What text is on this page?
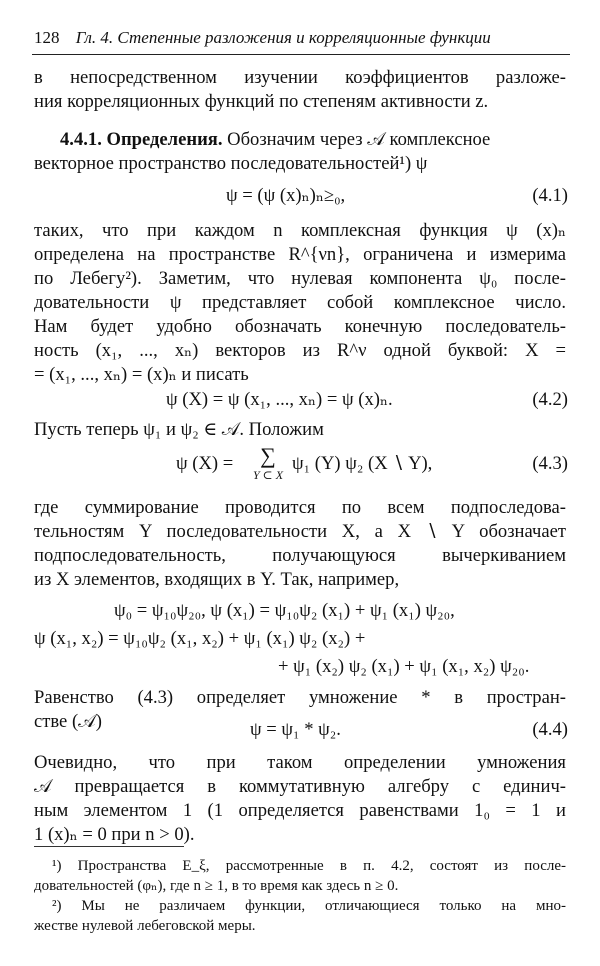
128 Гл. 4. Степенные разложения и корреляционные функции
в непосредственном изучении коэффициентов разложе-
ния корреляционных функций по степеням активности z.
4.4.1. Определения. Обозначим через 𝒜 комплексное
векторное пространство последовательностей¹) ψ
ψ = (ψ (x)ₙ)ₙ≥₀,	(4.1)
таких, что при каждом n комплексная функция ψ (x)ₙ
определена на пространстве R^{νn}, ограничена и измерима
по Лебегу²). Заметим, что нулевая компонента ψ₀ после-
довательности ψ представляет собой комплексное число.
Нам будет удобно обозначать конечную последователь-
ность (x₁, ..., xₙ) векторов из R^ν одной буквой: X =
= (x₁, ..., xₙ) = (x)ₙ и писать
ψ (X) = ψ (x₁, ..., xₙ) = ψ (x)ₙ.	(4.2)
Пусть теперь ψ₁ и ψ₂ ∈ 𝒜. Положим
ψ (X) =	∑
Y ⊂ X
ψ₁ (Y) ψ₂ (X ∖ Y),	(4.3)
где суммирование проводится по всем подпоследова-
тельностям Y последовательности X, а X ∖ Y обозначает
подпоследовательность, получающуюся вычеркиванием
из X элементов, входящих в Y. Так, например,
ψ₀ = ψ₁₀ψ₂₀, ψ (x₁) = ψ₁₀ψ₂ (x₁) + ψ₁ (x₁) ψ₂₀,
ψ (x₁, x₂) = ψ₁₀ψ₂ (x₁, x₂) + ψ₁ (x₁) ψ₂ (x₂) +
+ ψ₁ (x₂) ψ₂ (x₁) + ψ₁ (x₁, x₂) ψ₂₀.
Равенство (4.3) определяет умножение * в простран-
стве (𝒜)	ψ = ψ₁ * ψ₂.	(4.4)
Очевидно, что при таком определении умножения
𝒜 превращается в коммутативную алгебру с единич-
ным элементом 1 (1 определяется равенствами 1₀ = 1 и
1 (x)ₙ = 0 при n > 0).
¹) Пространства E_ξ, рассмотренные в п. 4.2, состоят из после-
довательностей (φₙ), где n ≥ 1, в то время как здесь n ≥ 0.
²) Мы не различаем функции, отличающиеся только на мно-
жестве нулевой лебеговской меры.
